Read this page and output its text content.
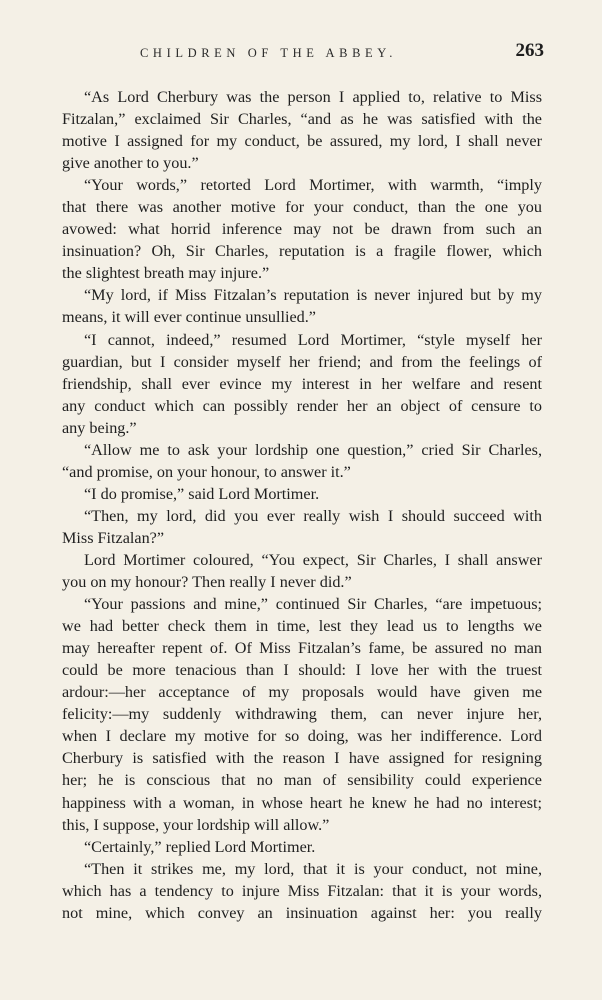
CHILDREN OF THE ABBEY.	263
“As Lord Cherbury was the person I applied to, relative to Miss
Fitzalan,” exclaimed Sir Charles, “and as he was satisfied with the
motive I assigned for my conduct, be assured, my lord, I shall never
give another to you.”
“Your words,” retorted Lord Mortimer, with warmth, “imply
that there was another motive for your conduct, than the one you
avowed: what horrid inference may not be drawn from such an
insinuation? Oh, Sir Charles, reputation is a fragile flower, which
the slightest breath may injure.”
“My lord, if Miss Fitzalan’s reputation is never injured but by my
means, it will ever continue unsullied.”
“I cannot, indeed,” resumed Lord Mortimer, “style myself her
guardian, but I consider myself her friend; and from the feelings of
friendship, shall ever evince my interest in her welfare and resent
any conduct which can possibly render her an object of censure to
any being.”
“Allow me to ask your lordship one question,” cried Sir Charles,
“and promise, on your honour, to answer it.”
“I do promise,” said Lord Mortimer.
“Then, my lord, did you ever really wish I should succeed with
Miss Fitzalan?”
Lord Mortimer coloured, “You expect, Sir Charles, I shall answer
you on my honour? Then really I never did.”
“Your passions and mine,” continued Sir Charles, “are impetuous;
we had better check them in time, lest they lead us to lengths we
may hereafter repent of. Of Miss Fitzalan’s fame, be assured no man
could be more tenacious than I should: I love her with the truest
ardour:—her acceptance of my proposals would have given me
felicity:—my suddenly withdrawing them, can never injure her,
when I declare my motive for so doing, was her indifference. Lord
Cherbury is satisfied with the reason I have assigned for resigning
her; he is conscious that no man of sensibility could experience
happiness with a woman, in whose heart he knew he had no interest;
this, I suppose, your lordship will allow.”
“Certainly,” replied Lord Mortimer.
“Then it strikes me, my lord, that it is your conduct, not mine,
which has a tendency to injure Miss Fitzalan: that it is your words,
not mine, which convey an insinuation against her: you really
